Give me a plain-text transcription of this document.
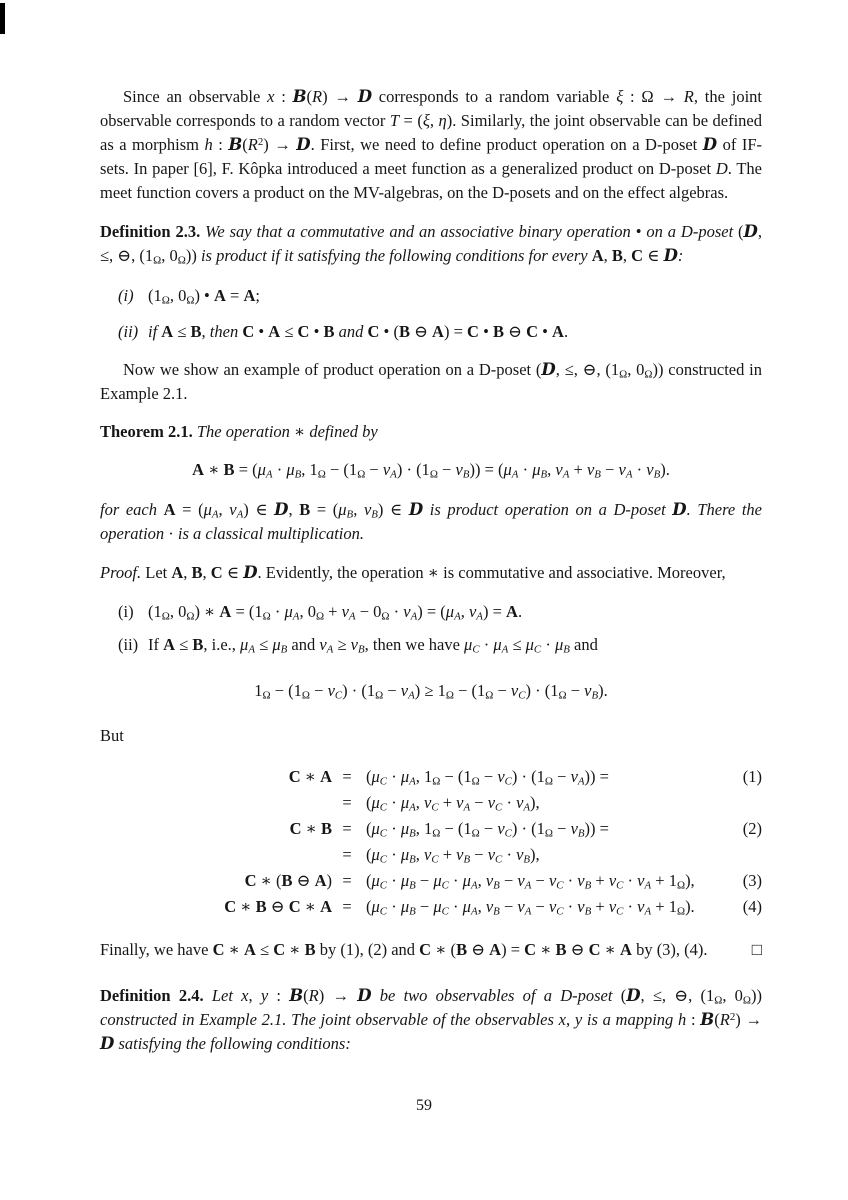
Since an observable x : B(R) → D corresponds to a random variable ξ : Ω → R, the joint observable corresponds to a random vector T = (ξ, η). Similarly, the joint observable can be defined as a morphism h : $B(R^2) \to D$. First, we need to define product operation on a D-poset D of IF-sets. In paper [6], F. Kôpka introduced a meet function as a generalized product on D-poset D. The meet function covers a product on the MV-algebras, on the D-posets and on the effect algebras.

Definition 2.3. We say that a commutative and an associative binary operation • on a D-poset (D, ≤, ⊖, ($1_\Omega$, $0_\Omega$)) is product if it satisfying the following conditions for every A, B, C ∈ D:

(i) ($1_\Omega$, $0_\Omega$) • A = A;
(ii) if A ≤ B, then C • A ≤ C • B and C • (B ⊖ A) = C • B ⊖ C • A.

Now we show an example of product operation on a D-poset (D, ≤, ⊖, ($1_\Omega$, $0_\Omega$)) constructed in Example 2.1.

Theorem 2.1. The operation ∗ defined by

A ∗ $B = (\mu_A \cdot \mu_B$, $1_\Omega - (1_\Omega - \nu_A) \cdot (1_\Omega - \nu_B)) = (\mu_A \cdot \mu_B$, $\nu_A + \nu_B - \nu_A \cdot \nu_B$).

for each $A = (\mu_A$, $\nu_A$) ∈ D, $B = (\mu_B$, $\nu_B$) ∈ D is product operation on a D-poset D. There the operation · is a classical multiplication.

Proof. Let A, B, C ∈ D. Evidently, the operation ∗ is commutative and associative. Moreover,

(i) ($1_\Omega$, $0_\Omega$) ∗ $A = (1_\Omega \cdot \mu_A$, $0_\Omega + \nu_A - 0_\Omega \cdot \nu_A) = (\mu_A$, $\nu_A) = A$.
(ii) If A ≤ B, i.e., $\mu_A \le \mu_B$ and $\nu_A \ge \nu_B$, then we have $\mu_C \cdot \mu_A \le \mu_C \cdot \mu_B$ and

$1_\Omega - (1_\Omega - \nu_C) \cdot (1_\Omega - \nu_A) \ge 1_\Omega - (1_\Omega - \nu_C) \cdot (1_\Omega - \nu_B)$.

But

C ∗ $A = (\mu_C \cdot \mu_A$, $1_\Omega - (1_\Omega - \nu_C) \cdot (1_\Omega - \nu_A)$) =	(1)
= ($\mu_C \cdot \mu_A$, $\nu_C + \nu_A - \nu_C \cdot \nu_A$),
C ∗ $B = (\mu_C \cdot \mu_B$, $1_\Omega - (1_\Omega - \nu_C) \cdot (1_\Omega - \nu_B)$) =	(2)
= ($\mu_C \cdot \mu_B$, $\nu_C + \nu_B - \nu_C \cdot \nu_B$),
C ∗ (B ⊖ $A) = (\mu_C \cdot \mu_B - \mu_C \cdot \mu_A$, $\nu_B - \nu_A - \nu_C \cdot \nu_B + \nu_C \cdot \nu_A + 1_\Omega$),	(3)
C ∗ B ⊖ C ∗ $A = (\mu_C \cdot \mu_B - \mu_C \cdot \mu_A$, $\nu_B - \nu_A - \nu_C \cdot \nu_B + \nu_C \cdot \nu_A + 1_\Omega$).	(4)

Finally, we have C ∗ A ≤ C ∗ B by (1), (2) and C ∗ (B ⊖ A) = C ∗ B ⊖ C ∗ A by (3), (4).	□

Definition 2.4. Let x, y : B(R) → D be two observables of a D-poset (D, ≤, ⊖, ($1_\Omega$, $0_\Omega$)) constructed in Example 2.1. The joint observable of the observables x, y is a mapping h : $B(R^2) \to D$ satisfying the following conditions:

59
